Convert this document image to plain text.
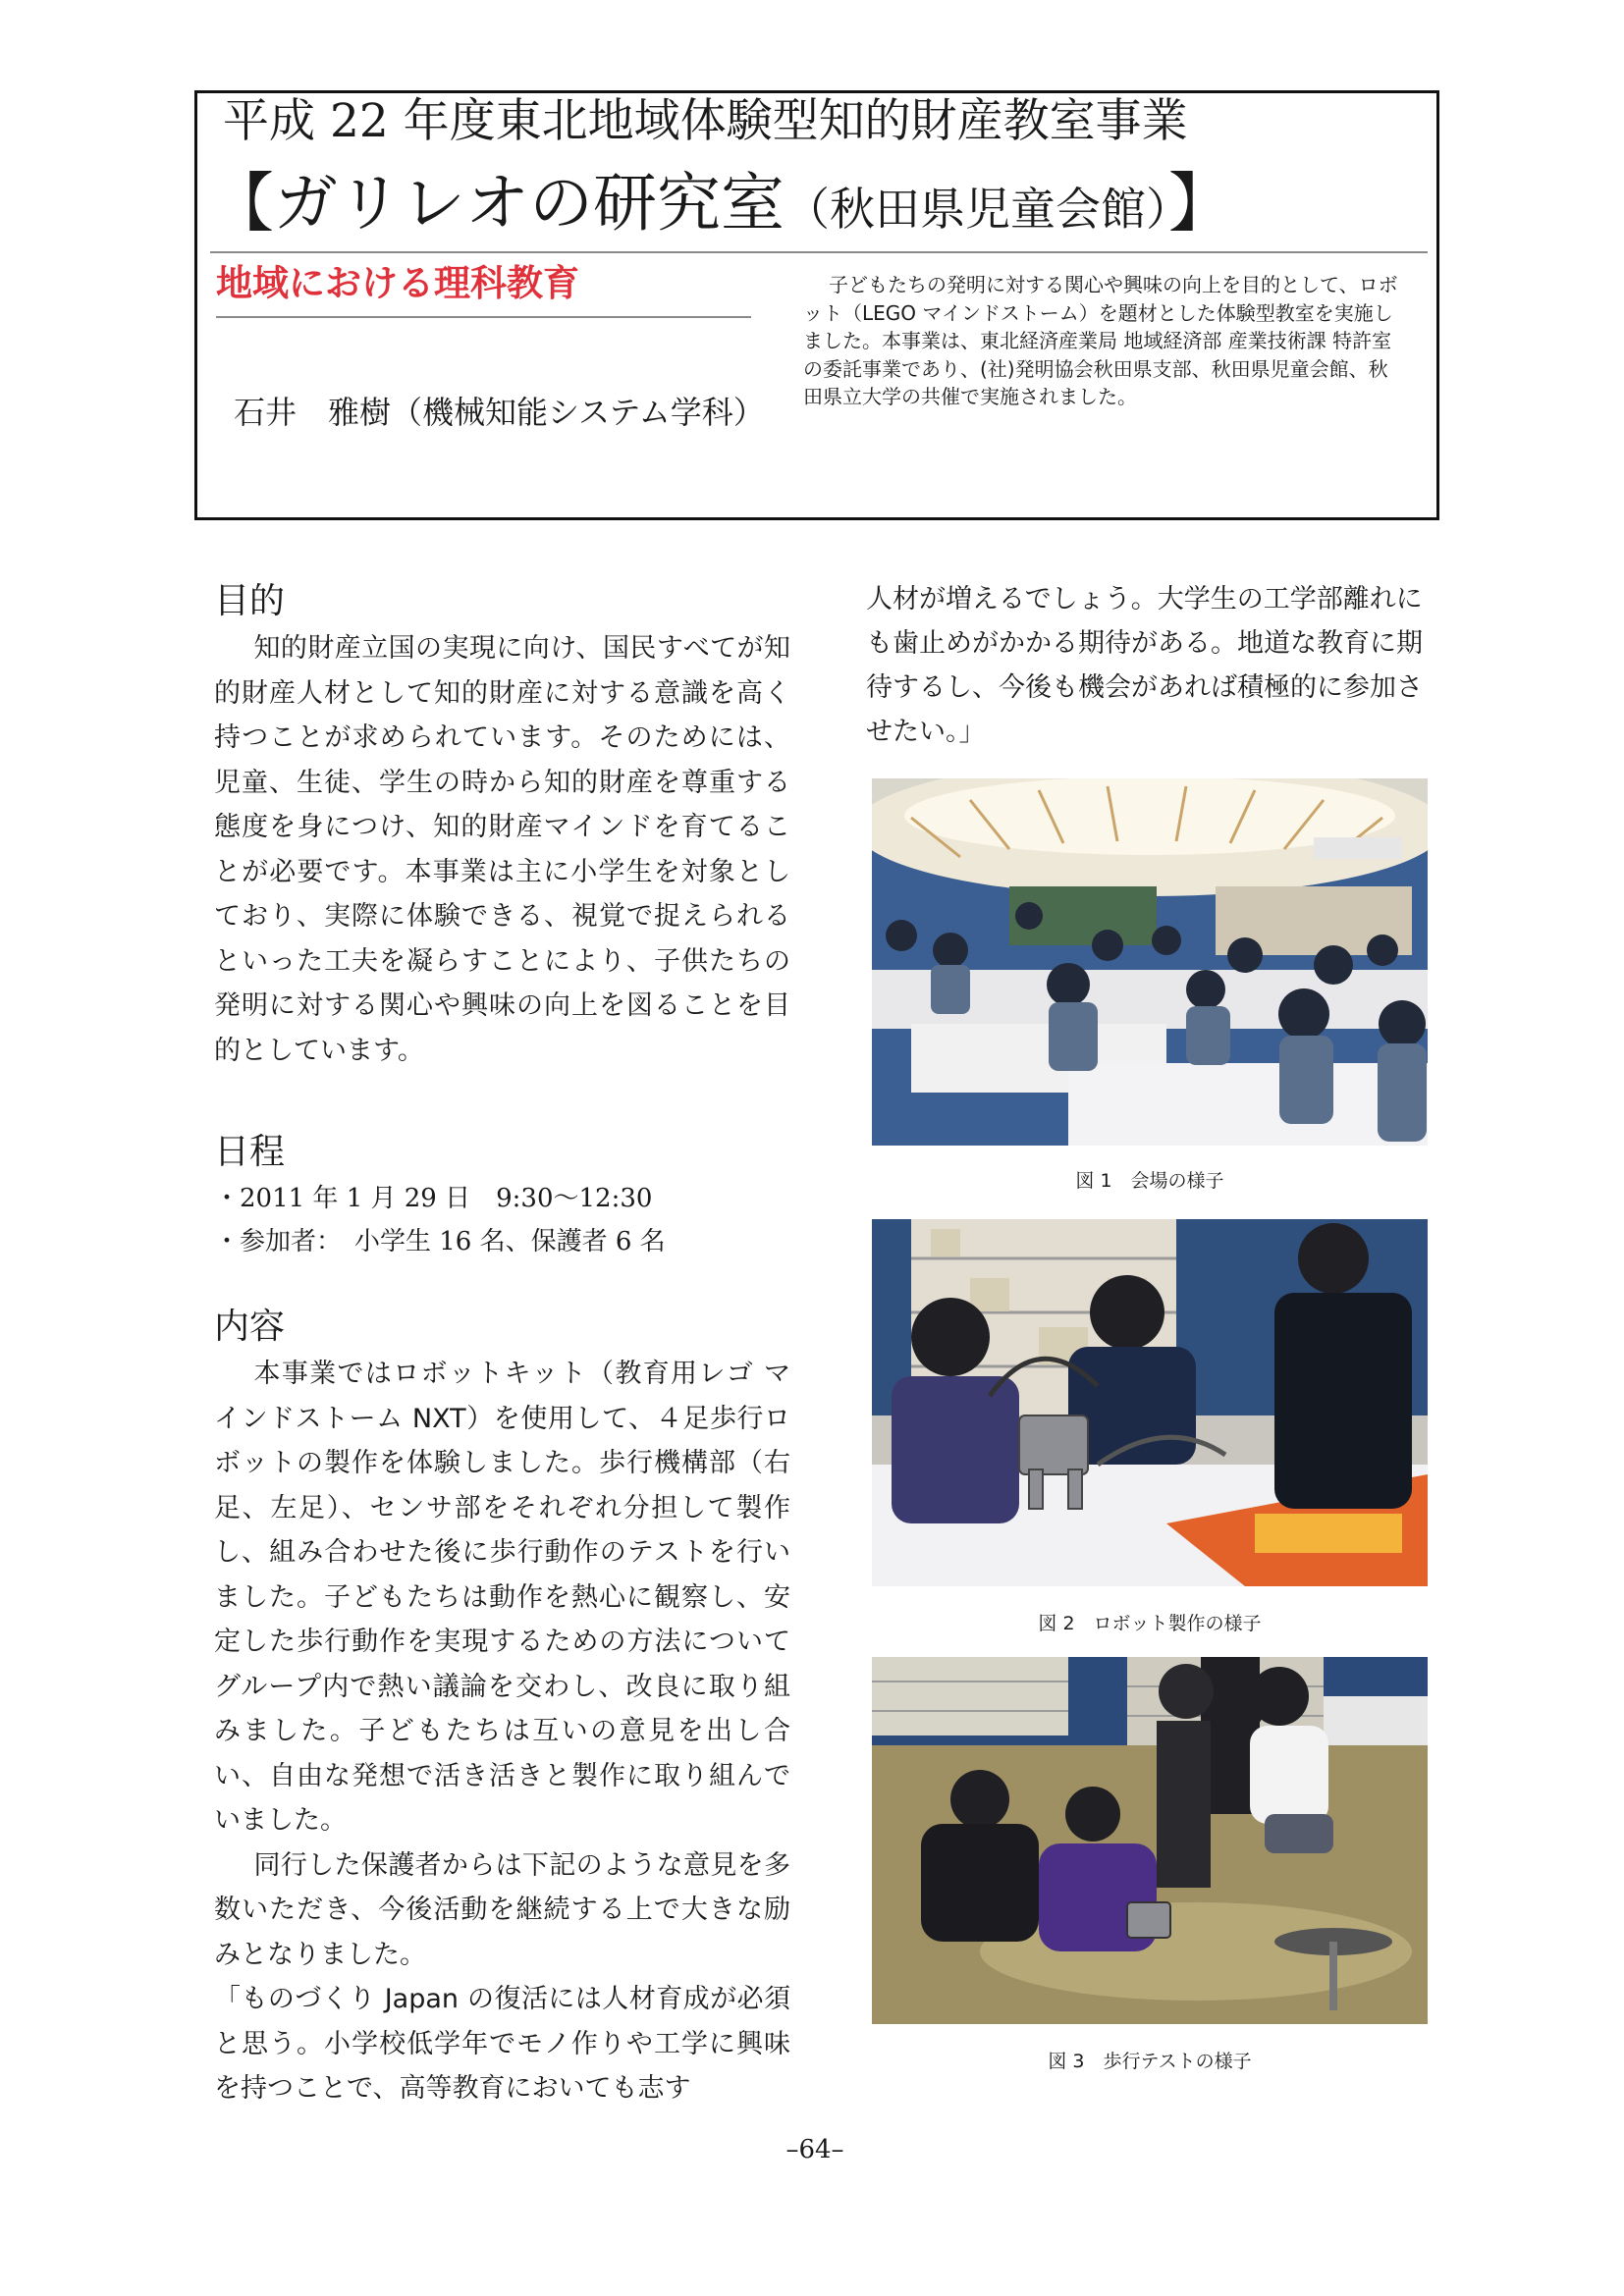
平成 22 年度東北地域体験型知的財産教室事業
【ガリレオの研究室（秋田県児童会館）】
地域における理科教育
石井　雅樹（機械知能システム学科）

子どもたちの発明に対する関心や興味の向上を目的として、ロボット（LEGO マインドストーム）を題材とした体験型教室を実施しました。本事業は、東北経済産業局 地域経済部 産業技術課 特許室の委託事業であり、(社)発明協会秋田県支部、秋田県児童会館、秋田県立大学の共催で実施されました。

目的

知的財産立国の実現に向け、国民すべてが知的財産人材として知的財産に対する意識を高く持つことが求められています。そのためには、児童、生徒、学生の時から知的財産を尊重する態度を身につけ、知的財産マインドを育てることが必要です。本事業は主に小学生を対象としており、実際に体験できる、視覚で捉えられるといった工夫を凝らすことにより、子供たちの発明に対する関心や興味の向上を図ることを目的としています。

日程

・2011 年 1 月 29 日　9:30〜12:30
・参加者：　小学生 16 名、保護者 6 名

内容

本事業ではロボットキット（教育用レゴ マインドストーム NXT）を使用して、４足歩行ロボットの製作を体験しました。歩行機構部（右足、左足）、センサ部をそれぞれ分担して製作し、組み合わせた後に歩行動作のテストを行いました。子どもたちは動作を熱心に観察し、安定した歩行動作を実現するための方法についてグループ内で熱い議論を交わし、改良に取り組みました。子どもたちは互いの意見を出し合い、自由な発想で活き活きと製作に取り組んでいました。

同行した保護者からは下記のような意見を多数いただき、今後活動を継続する上で大きな励みとなりました。

「ものづくり Japan の復活には人材育成が必須と思う。小学校低学年でモノ作りや工学に興味を持つことで、高等教育においても志す

人材が増えるでしょう。大学生の工学部離れにも歯止めがかかる期待がある。地道な教育に期待するし、今後も機会があれば積極的に参加させたい。」
図 1　会場の様子
図 2　ロボット製作の様子
図 3　歩行テストの様子
–64–
